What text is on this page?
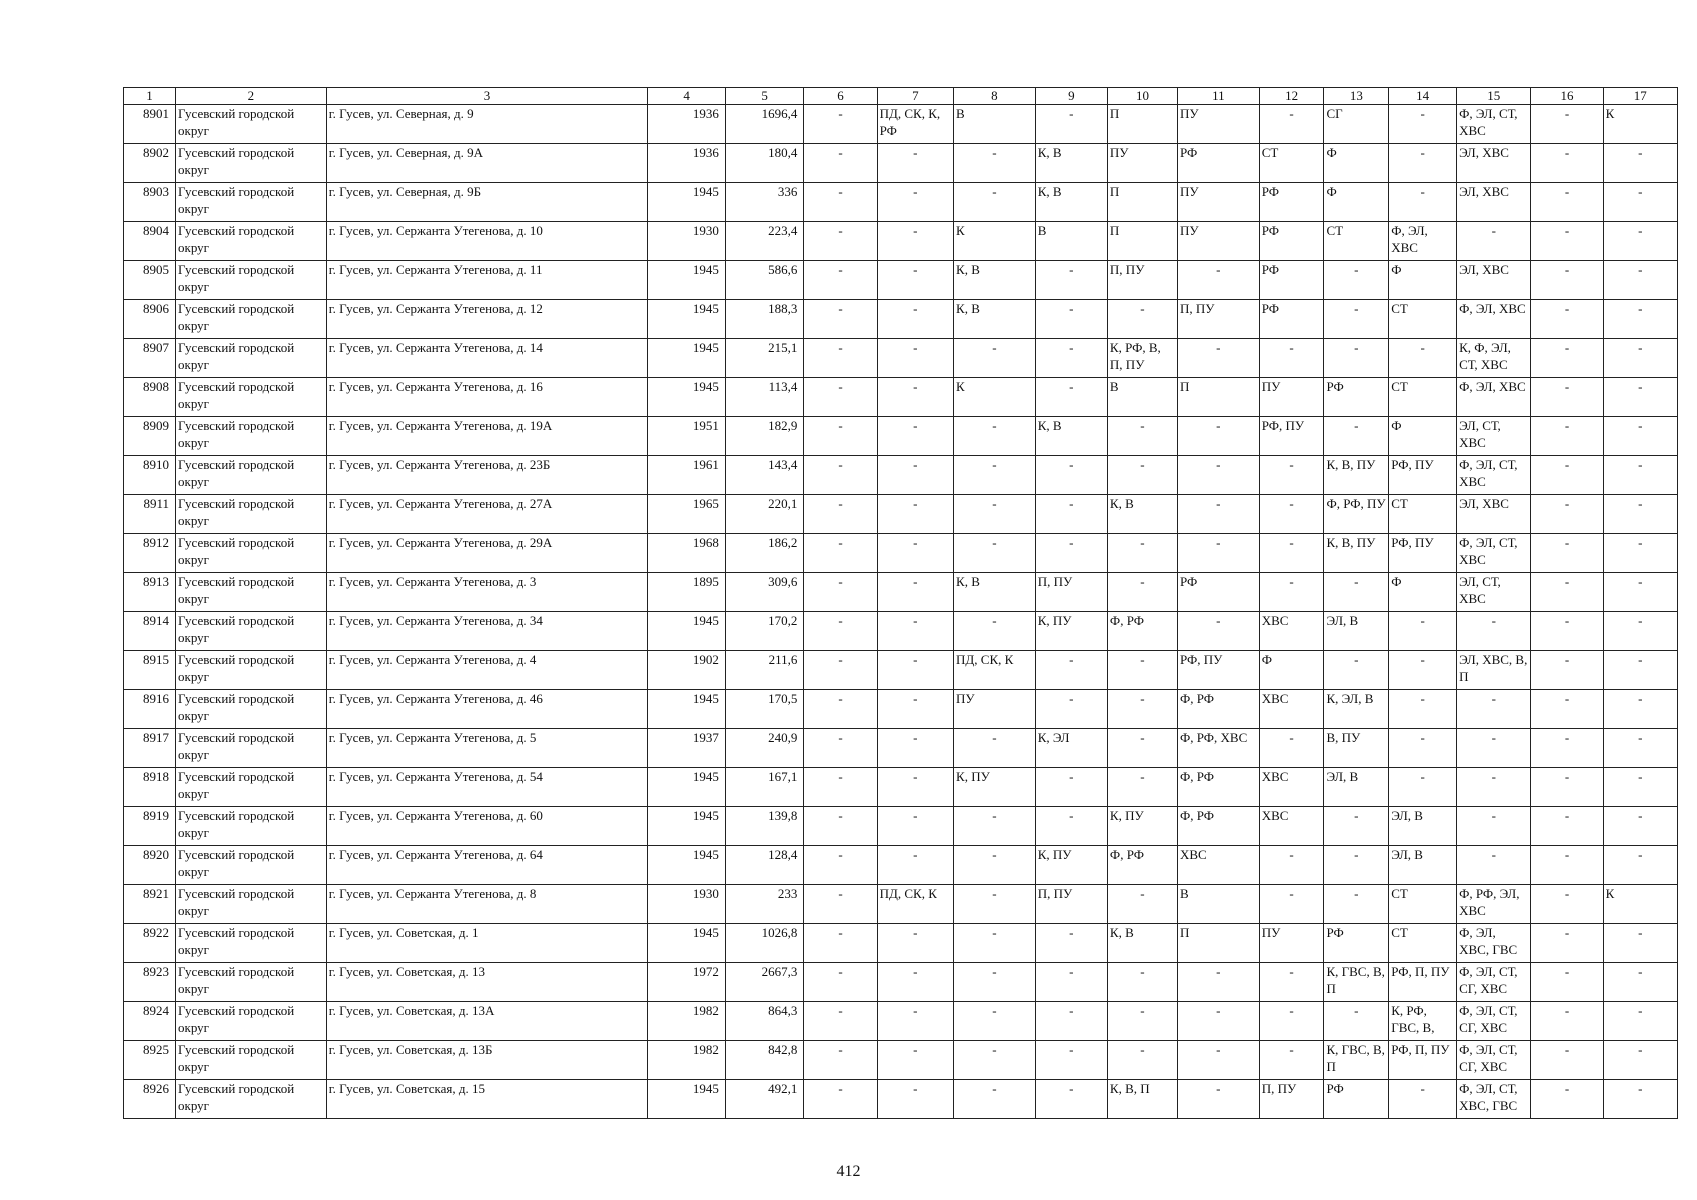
1	2	3	4	5	6	7	8	9	10	11	12	13	14	15	16	17
8901	Гусевский городской округ	г. Гусев, ул. Северная, д. 9	1936	1696,4	-	ПД, СК, К, РФ	В	-	П	ПУ	-	СГ	-	Ф, ЭЛ, СТ, ХВС	-	К
8902	Гусевский городской округ	г. Гусев, ул. Северная, д. 9А	1936	180,4	-	-	-	К, В	ПУ	РФ	СТ	Ф	-	ЭЛ, ХВС	-	-
8903	Гусевский городской округ	г. Гусев, ул. Северная, д. 9Б	1945	336	-	-	-	К, В	П	ПУ	РФ	Ф	-	ЭЛ, ХВС	-	-
8904	Гусевский городской округ	г. Гусев, ул. Сержанта Утегенова, д. 10	1930	223,4	-	-	К	В	П	ПУ	РФ	СТ	Ф, ЭЛ, ХВС	-	-	-
8905	Гусевский городской округ	г. Гусев, ул. Сержанта Утегенова, д. 11	1945	586,6	-	-	К, В	-	П, ПУ	-	РФ	-	Ф	ЭЛ, ХВС	-	-
8906	Гусевский городской округ	г. Гусев, ул. Сержанта Утегенова, д. 12	1945	188,3	-	-	К, В	-	-	П, ПУ	РФ	-	СТ	Ф, ЭЛ, ХВС	-	-
8907	Гусевский городской округ	г. Гусев, ул. Сержанта Утегенова, д. 14	1945	215,1	-	-	-	-	К, РФ, В, П, ПУ	-	-	-	-	К, Ф, ЭЛ, СТ, ХВС	-	-
8908	Гусевский городской округ	г. Гусев, ул. Сержанта Утегенова, д. 16	1945	113,4	-	-	К	-	В	П	ПУ	РФ	СТ	Ф, ЭЛ, ХВС	-	-
8909	Гусевский городской округ	г. Гусев, ул. Сержанта Утегенова, д. 19А	1951	182,9	-	-	-	К, В	-	-	РФ, ПУ	-	Ф	ЭЛ, СТ, ХВС	-	-
8910	Гусевский городской округ	г. Гусев, ул. Сержанта Утегенова, д. 23Б	1961	143,4	-	-	-	-	-	-	-	К, В, ПУ	РФ, ПУ	Ф, ЭЛ, СТ, ХВС	-	-
8911	Гусевский городской округ	г. Гусев, ул. Сержанта Утегенова, д. 27А	1965	220,1	-	-	-	-	К, В	-	-	Ф, РФ, ПУ	СТ	ЭЛ, ХВС	-	-
8912	Гусевский городской округ	г. Гусев, ул. Сержанта Утегенова, д. 29А	1968	186,2	-	-	-	-	-	-	-	К, В, ПУ	РФ, ПУ	Ф, ЭЛ, СТ, ХВС	-	-
8913	Гусевский городской округ	г. Гусев, ул. Сержанта Утегенова, д. 3	1895	309,6	-	-	К, В	П, ПУ	-	РФ	-	-	Ф	ЭЛ, СТ, ХВС	-	-
8914	Гусевский городской округ	г. Гусев, ул. Сержанта Утегенова, д. 34	1945	170,2	-	-	-	К, ПУ	Ф, РФ	-	ХВС	ЭЛ, В	-	-	-	-
8915	Гусевский городской округ	г. Гусев, ул. Сержанта Утегенова, д. 4	1902	211,6	-	-	ПД, СК, К	-	-	РФ, ПУ	Ф	-	-	ЭЛ, ХВС, В, П	-	-
8916	Гусевский городской округ	г. Гусев, ул. Сержанта Утегенова, д. 46	1945	170,5	-	-	ПУ	-	-	Ф, РФ	ХВС	К, ЭЛ, В	-	-	-	-
8917	Гусевский городской округ	г. Гусев, ул. Сержанта Утегенова, д. 5	1937	240,9	-	-	-	К, ЭЛ	-	Ф, РФ, ХВС	-	В, ПУ	-	-	-	-
8918	Гусевский городской округ	г. Гусев, ул. Сержанта Утегенова, д. 54	1945	167,1	-	-	К, ПУ	-	-	Ф, РФ	ХВС	ЭЛ, В	-	-	-	-
8919	Гусевский городской округ	г. Гусев, ул. Сержанта Утегенова, д. 60	1945	139,8	-	-	-	-	К, ПУ	Ф, РФ	ХВС	-	ЭЛ, В	-	-	-
8920	Гусевский городской округ	г. Гусев, ул. Сержанта Утегенова, д. 64	1945	128,4	-	-	-	К, ПУ	Ф, РФ	ХВС	-	-	ЭЛ, В	-	-	-
8921	Гусевский городской округ	г. Гусев, ул. Сержанта Утегенова, д. 8	1930	233	-	ПД, СК, К	-	П, ПУ	-	В	-	-	СТ	Ф, РФ, ЭЛ, ХВС	-	К
8922	Гусевский городской округ	г. Гусев, ул. Советская, д. 1	1945	1026,8	-	-	-	-	К, В	П	ПУ	РФ	СТ	Ф, ЭЛ, ХВС, ГВС	-	-
8923	Гусевский городской округ	г. Гусев, ул. Советская, д. 13	1972	2667,3	-	-	-	-	-	-	-	К, ГВС, В, П	РФ, П, ПУ	Ф, ЭЛ, СТ, СГ, ХВС	-	-
8924	Гусевский городской округ	г. Гусев, ул. Советская, д. 13А	1982	864,3	-	-	-	-	-	-	-	-	К, РФ, ГВС, В,	Ф, ЭЛ, СТ, СГ, ХВС	-	-
8925	Гусевский городской округ	г. Гусев, ул. Советская, д. 13Б	1982	842,8	-	-	-	-	-	-	-	К, ГВС, В, П	РФ, П, ПУ	Ф, ЭЛ, СТ, СГ, ХВС	-	-
8926	Гусевский городской округ	г. Гусев, ул. Советская, д. 15	1945	492,1	-	-	-	-	К, В, П	-	П, ПУ	РФ	-	Ф, ЭЛ, СТ, ХВС, ГВС	-	-
412
